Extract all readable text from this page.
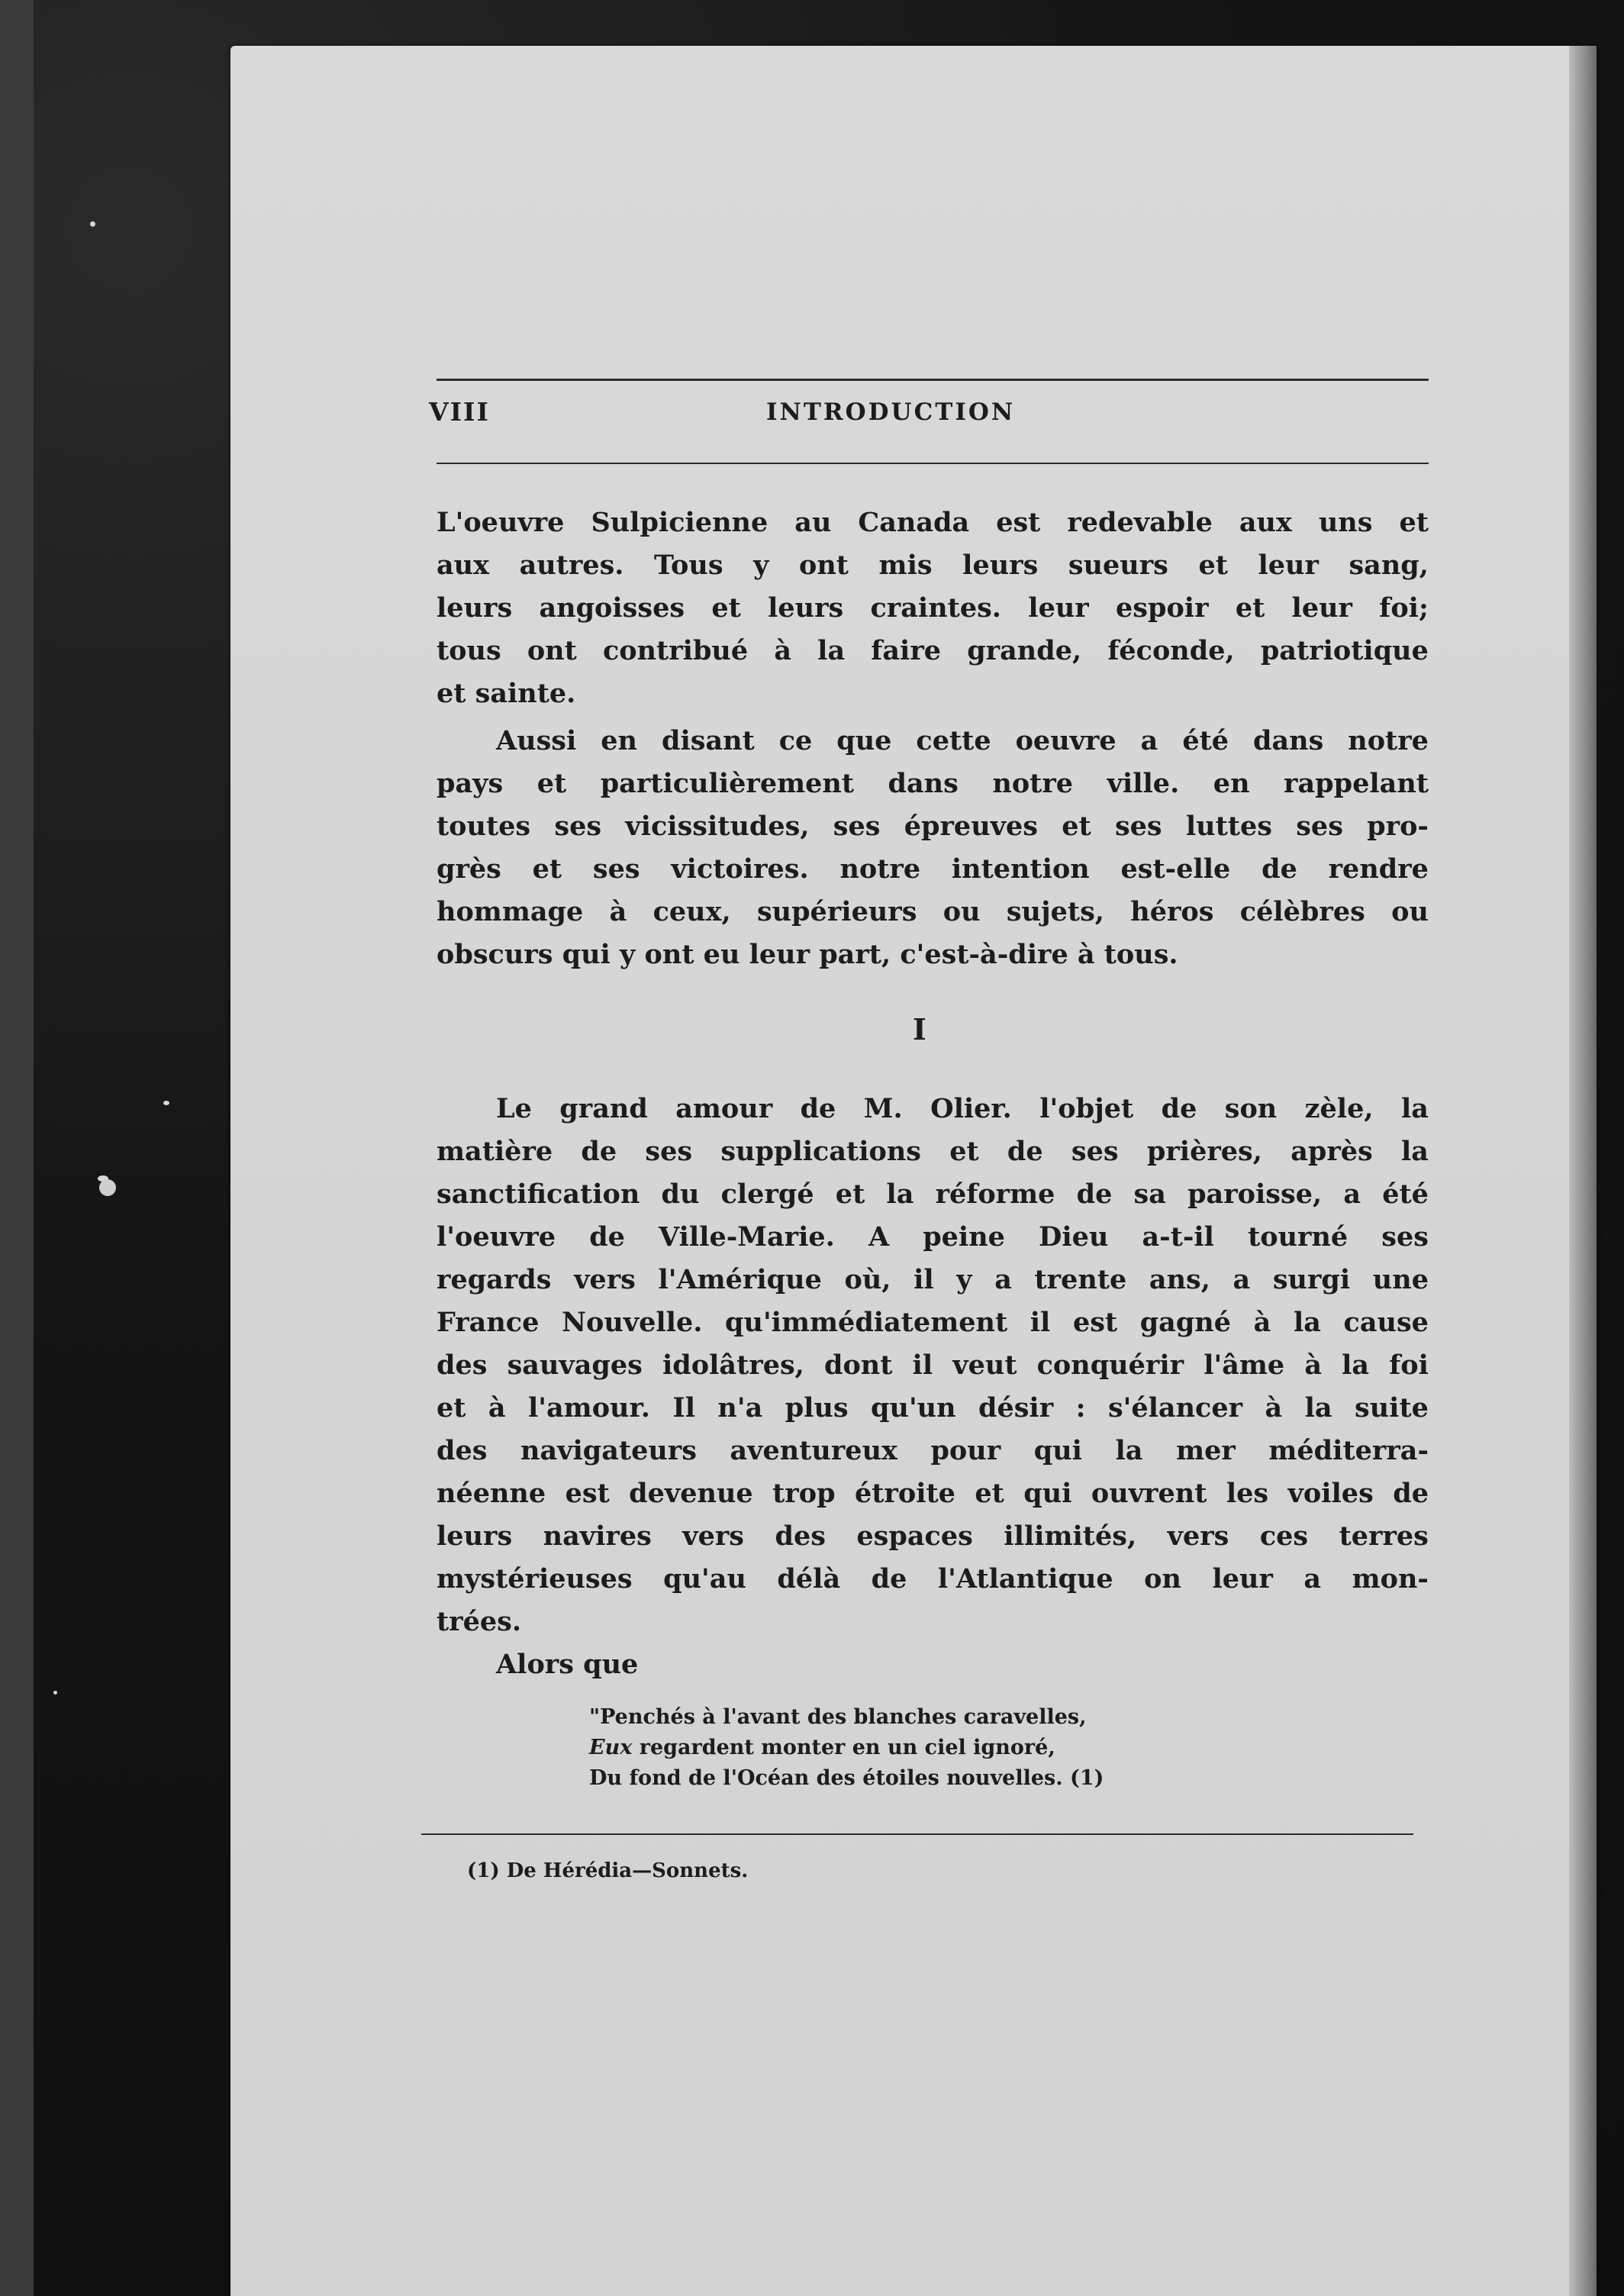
VIII	INTRODUCTION
L'oeuvre Sulpicienne au Canada est redevable aux uns et
aux autres. Tous y ont mis leurs sueurs et leur sang,
leurs angoisses et leurs craintes. leur espoir et leur foi;
tous ont contribué à la faire grande, féconde, patriotique
et sainte.
Aussi en disant ce que cette oeuvre a été dans notre
pays et particulièrement dans notre ville. en rappelant
toutes ses vicissitudes, ses épreuves et ses luttes ses pro-
grès et ses victoires. notre intention est-elle de rendre
hommage à ceux, supérieurs ou sujets, héros célèbres ou
obscurs qui y ont eu leur part, c'est-à-dire à tous.
I
Le grand amour de M. Olier. l'objet de son zèle, la
matière de ses supplications et de ses prières, après la
sanctification du clergé et la réforme de sa paroisse, a été
l'oeuvre de Ville-Marie. A peine Dieu a-t-il tourné ses
regards vers l'Amérique où, il y a trente ans, a surgi une
France Nouvelle. qu'immédiatement il est gagné à la cause
des sauvages idolâtres, dont il veut conquérir l'âme à la foi
et à l'amour. Il n'a plus qu'un désir : s'élancer à la suite
des navigateurs aventureux pour qui la mer méditerra-
néenne est devenue trop étroite et qui ouvrent les voiles de
leurs navires vers des espaces illimités, vers ces terres
mystérieuses qu'au délà de l'Atlantique on leur a mon-
trées.
Alors que
"Penchés à l'avant des blanches caravelles,
Eux regardent monter en un ciel ignoré,
Du fond de l'Océan des étoiles nouvelles. (1)
(1) De Hérédia—Sonnets.
